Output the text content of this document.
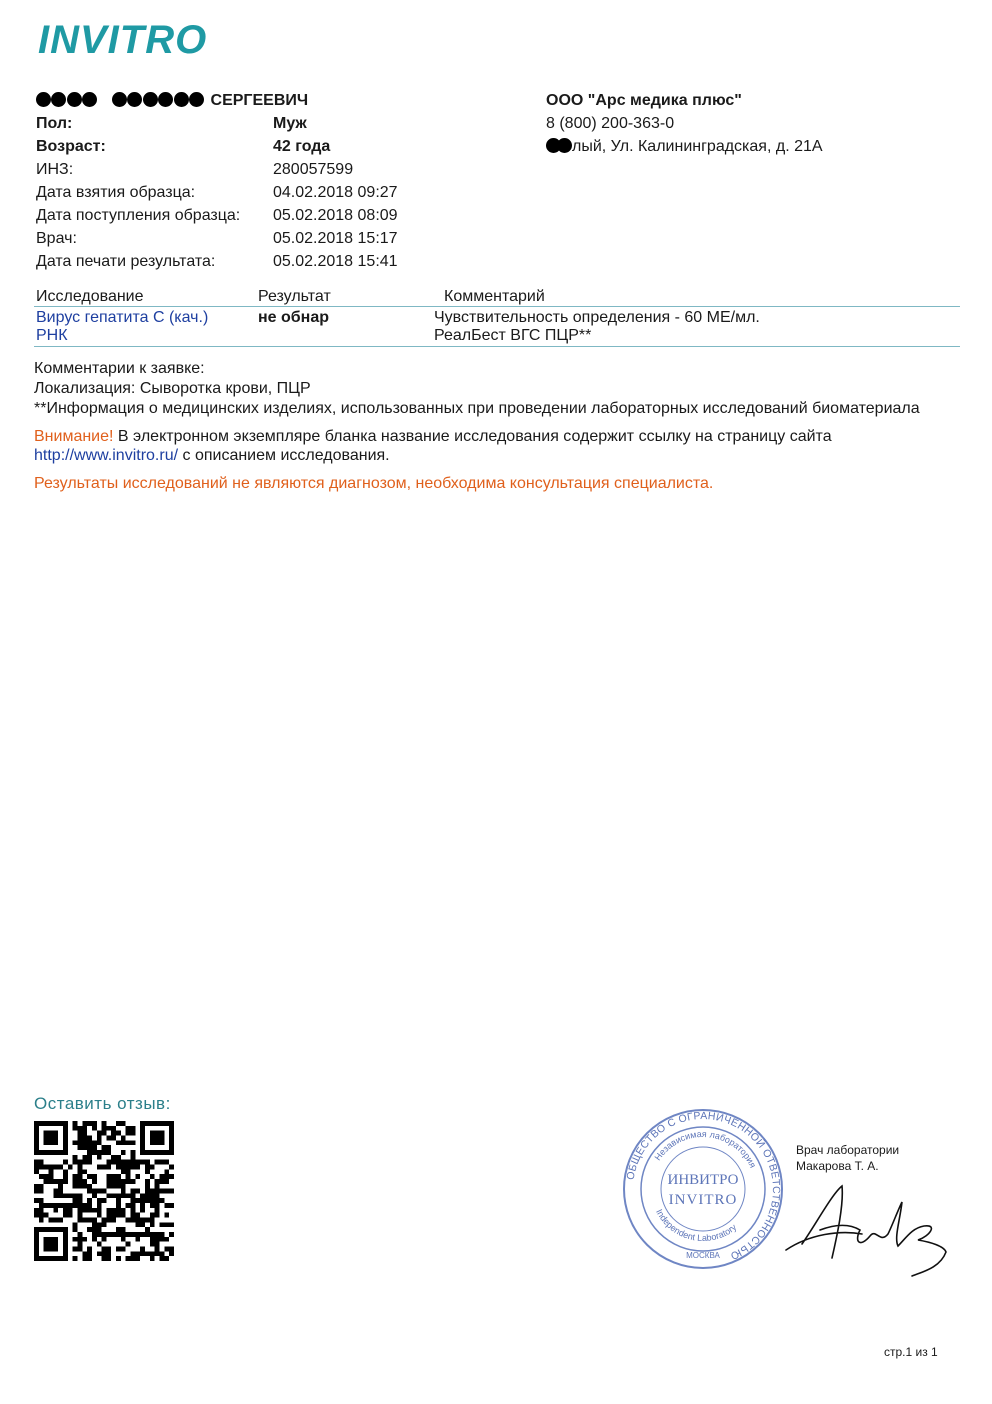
INVITRO
СЕРГЕЕВИЧ
Пол:	Муж
Возраст:	42 года
ИНЗ:	280057599
Дата взятия образца:	04.02.2018 09:27
Дата поступления образца: 05.02.2018 08:09
Врач:	05.02.2018 15:17
Дата печати результата:	05.02.2018 15:41
ООО "Арс медика плюс"
8 (800) 200-363-0
лый, Ул. Калининградская, д. 21А
Исследование	Результат	Комментарий
Вирус гепатита С (кач.)
РНК
не обнар	Чувствительность определения - 60 МЕ/мл.
РеалБест ВГС ПЦР**
Комментарии к заявке:
Локализация: Сыворотка крови, ПЦР
**Информация о медицинских изделиях, использованных при проведении лабораторных исследований биоматериала
Внимание! В электронном экземпляре бланка название исследования содержит ссылку на страницу сайта
http://www.invitro.ru/ с описанием исследования.
Результаты исследований не являются диагнозом, необходима консультация специалиста.
Оставить отзыв:
ОБЩЕСТВО С ОГРАНИЧЕННОЙ ОТВЕТСТВЕННОСТЬЮ
Независимая лаборатория
Independent Laboratory
ИНВИТРО
INVITRO
МОСКВА
Врач лаборатории
Макарова Т. А.
стр.1 из 1
